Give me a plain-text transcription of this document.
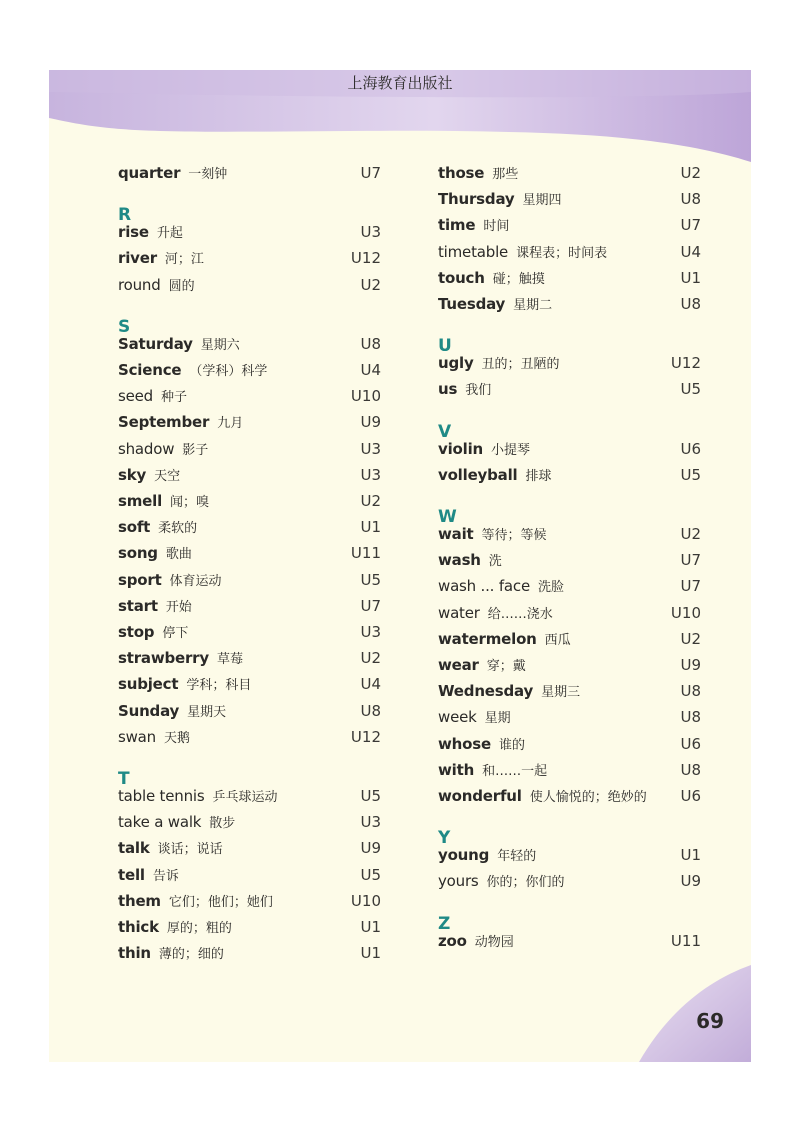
上海教育出版社
quarter 一刻钟	U7
R
rise 升起	U3
river 河；江	U12
round 圆的	U2
S
Saturday 星期六	U8
Science （学科）科学	U4
seed 种子	U10
September 九月	U9
shadow 影子	U3
sky 天空	U3
smell 闻；嗅	U2
soft 柔软的	U1
song 歌曲	U11
sport 体育运动	U5
start 开始	U7
stop 停下	U3
strawberry 草莓	U2
subject 学科；科目	U4
Sunday 星期天	U8
swan 天鹅	U12
T
table tennis 乒乓球运动	U5
take a walk 散步	U3
talk 谈话；说话	U9
tell 告诉	U5
them 它们；他们；她们	U10
thick 厚的；粗的	U1
thin 薄的；细的	U1
those 那些	U2
Thursday 星期四	U8
time 时间	U7
timetable 课程表；时间表	U4
touch 碰；触摸	U1
Tuesday 星期二	U8
U
ugly 丑的；丑陋的	U12
us 我们	U5
V
violin 小提琴	U6
volleyball 排球	U5
W
wait 等待；等候	U2
wash 洗	U7
wash ... face 洗脸	U7
water 给……浇水	U10
watermelon 西瓜	U2
wear 穿；戴	U9
Wednesday 星期三	U8
week 星期	U8
whose 谁的	U6
with 和……一起	U8
wonderful 使人愉悦的；绝妙的 U6
Y
young 年轻的	U1
yours 你的；你们的	U9
Z
zoo 动物园	U11
69
